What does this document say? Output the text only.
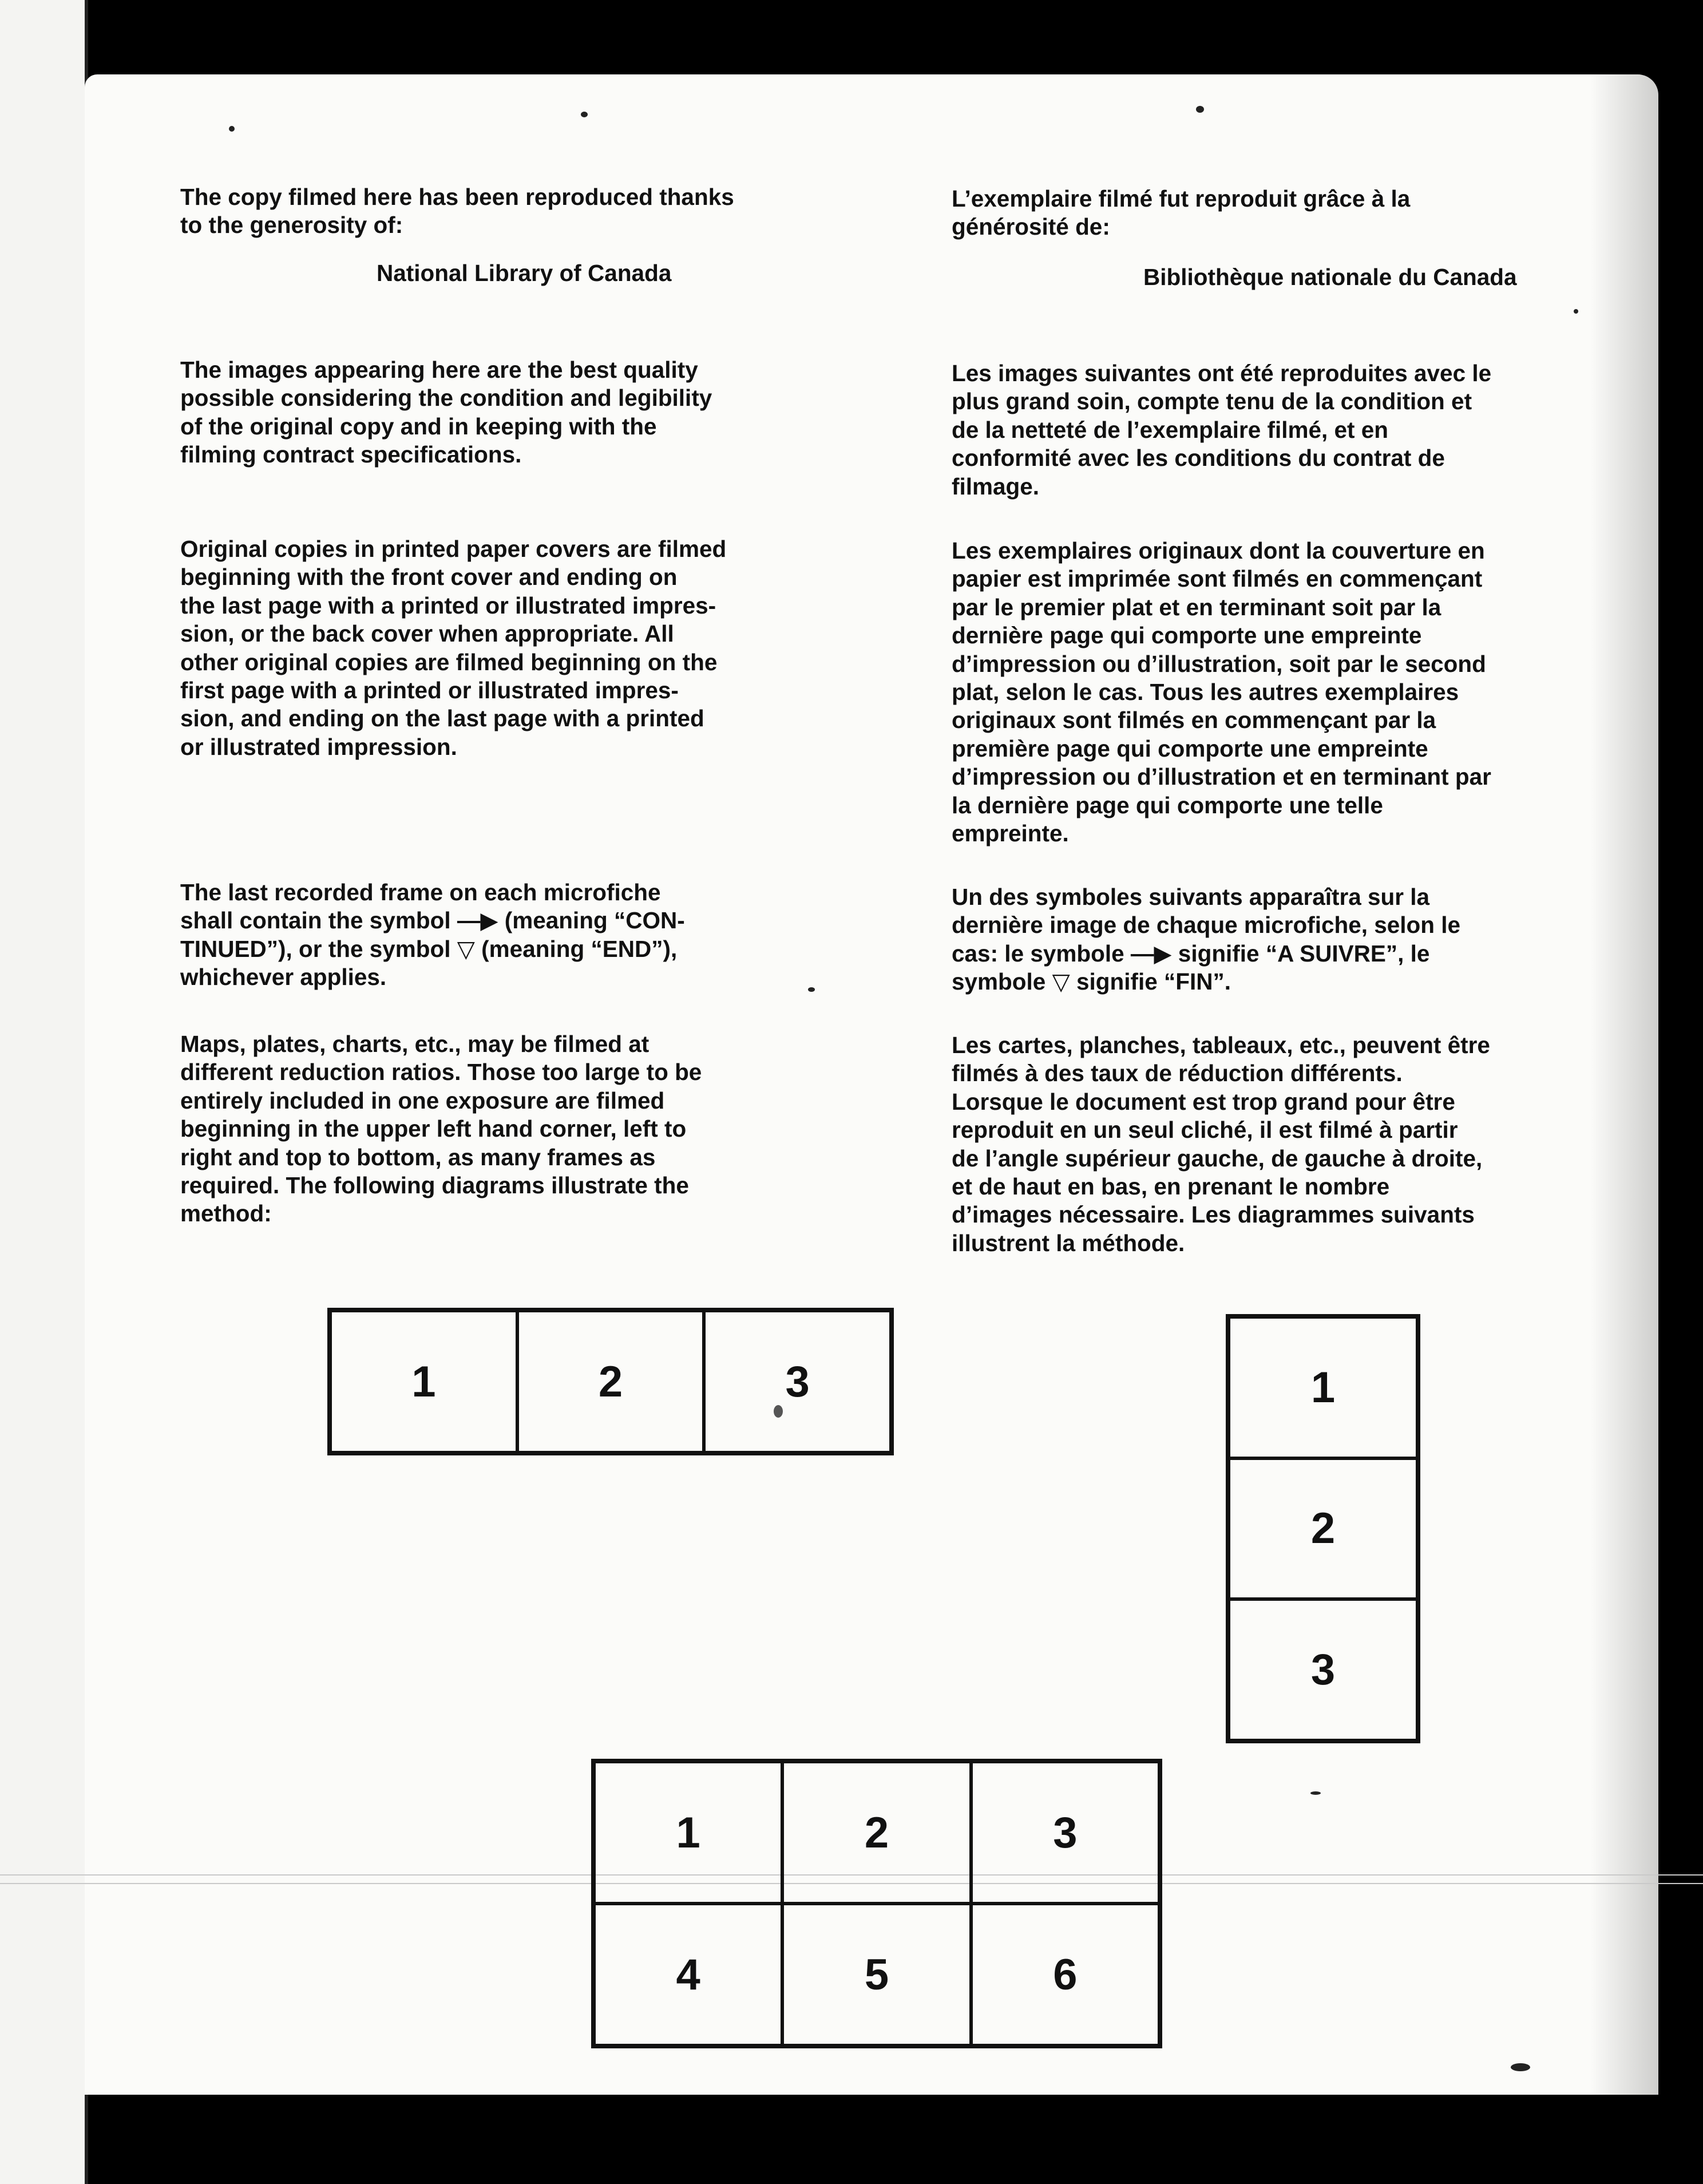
The copy filmed here has been reproduced thanks
to the generosity of:

National Library of Canada

The images appearing here are the best quality
possible considering the condition and legibility
of the original copy and in keeping with the
filming contract specifications.

Original copies in printed paper covers are filmed
beginning with the front cover and ending on
the last page with a printed or illustrated impres-
sion, or the back cover when appropriate. All
other original copies are filmed beginning on the
first page with a printed or illustrated impres-
sion, and ending on the last page with a printed
or illustrated impression.

The last recorded frame on each microfiche
shall contain the symbol —▶ (meaning “CON-
TINUED”), or the symbol ▽ (meaning “END”),
whichever applies.

Maps, plates, charts, etc., may be filmed at
different reduction ratios. Those too large to be
entirely included in one exposure are filmed
beginning in the upper left hand corner, left to
right and top to bottom, as many frames as
required. The following diagrams illustrate the
method:

L’exemplaire filmé fut reproduit grâce à la
générosité de:

Bibliothèque nationale du Canada

Les images suivantes ont été reproduites avec le
plus grand soin, compte tenu de la condition et
de la netteté de l’exemplaire filmé, et en
conformité avec les conditions du contrat de
filmage.

Les exemplaires originaux dont la couverture en
papier est imprimée sont filmés en commençant
par le premier plat et en terminant soit par la
dernière page qui comporte une empreinte
d’impression ou d’illustration, soit par le second
plat, selon le cas. Tous les autres exemplaires
originaux sont filmés en commençant par la
première page qui comporte une empreinte
d’impression ou d’illustration et en terminant par
la dernière page qui comporte une telle
empreinte.

Un des symboles suivants apparaîtra sur la
dernière image de chaque microfiche, selon le
cas: le symbole —▶ signifie “A SUIVRE”, le
symbole ▽ signifie “FIN”.

Les cartes, planches, tableaux, etc., peuvent être
filmés à des taux de réduction différents.
Lorsque le document est trop grand pour être
reproduit en un seul cliché, il est filmé à partir
de l’angle supérieur gauche, de gauche à droite,
et de haut en bas, en prenant le nombre
d’images nécessaire. Les diagrammes suivants
illustrent la méthode.

1	2	3	1
2
3
1	2	3
4	5	6
